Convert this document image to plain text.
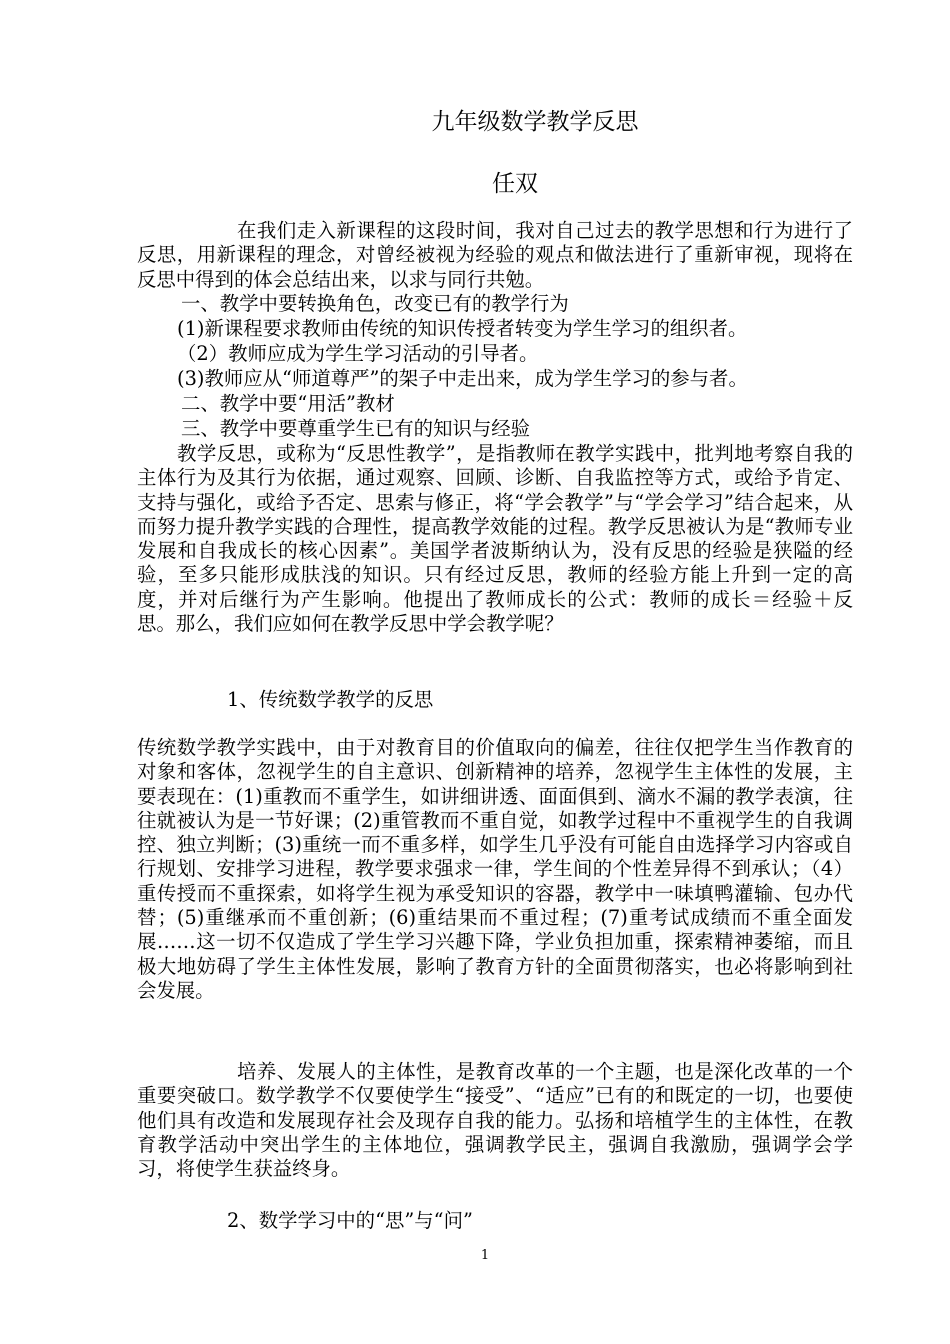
九年级数学教学反思
任双
在我们走入新课程的这段时间，我对自己过去的教学思想和行为进行了反思，用新课程的理念，对曾经被视为经验的观点和做法进行了重新审视，现将在反思中得到的体会总结出来，以求与同行共勉。
一、教学中要转换角色，改变已有的教学行为
(1)新课程要求教师由传统的知识传授者转变为学生学习的组织者。
（2）教师应成为学生学习活动的引导者。
(3)教师应从“师道尊严”的架子中走出来，成为学生学习的参与者。
二、教学中要“用活”教材
三、教学中要尊重学生已有的知识与经验
教学反思，或称为“反思性教学”，是指教师在教学实践中，批判地考察自我的主体行为及其行为依据，通过观察、回顾、诊断、自我监控等方式，或给予肯定、支持与强化，或给予否定、思索与修正，将“学会教学”与“学会学习”结合起来，从而努力提升教学实践的合理性，提高教学效能的过程。教学反思被认为是“教师专业发展和自我成长的核心因素”。美国学者波斯纳认为，没有反思的经验是狭隘的经验，至多只能形成肤浅的知识。只有经过反思，教师的经验方能上升到一定的高度，并对后继行为产生影响。他提出了教师成长的公式：教师的成长＝经验＋反思。那么，我们应如何在教学反思中学会教学呢？
1、传统数学教学的反思
传统数学教学实践中，由于对教育目的价值取向的偏差，往往仅把学生当作教育的对象和客体，忽视学生的自主意识、创新精神的培养，忽视学生主体性的发展，主要表现在：(1)重教而不重学生，如讲细讲透、面面俱到、滴水不漏的教学表演，往往就被认为是一节好课；(2)重管教而不重自觉，如教学过程中不重视学生的自我调控、独立判断；(3)重统一而不重多样，如学生几乎没有可能自由选择学习内容或自行规划、安排学习进程，教学要求强求一律，学生间的个性差异得不到承认；（4）重传授而不重探索，如将学生视为承受知识的容器，教学中一味填鸭灌输、包办代替；(5)重继承而不重创新；(6)重结果而不重过程；(7)重考试成绩而不重全面发展……这一切不仅造成了学生学习兴趣下降，学业负担加重，探索精神萎缩，而且极大地妨碍了学生主体性发展，影响了教育方针的全面贯彻落实，也必将影响到社会发展。
培养、发展人的主体性，是教育改革的一个主题，也是深化改革的一个重要突破口。数学教学不仅要使学生“接受”、“适应”已有的和既定的一切，也要使他们具有改造和发展现存社会及现存自我的能力。弘扬和培植学生的主体性，在教育教学活动中突出学生的主体地位，强调教学民主，强调自我激励，强调学会学习，将使学生获益终身。
2、数学学习中的“思”与“问”
1
